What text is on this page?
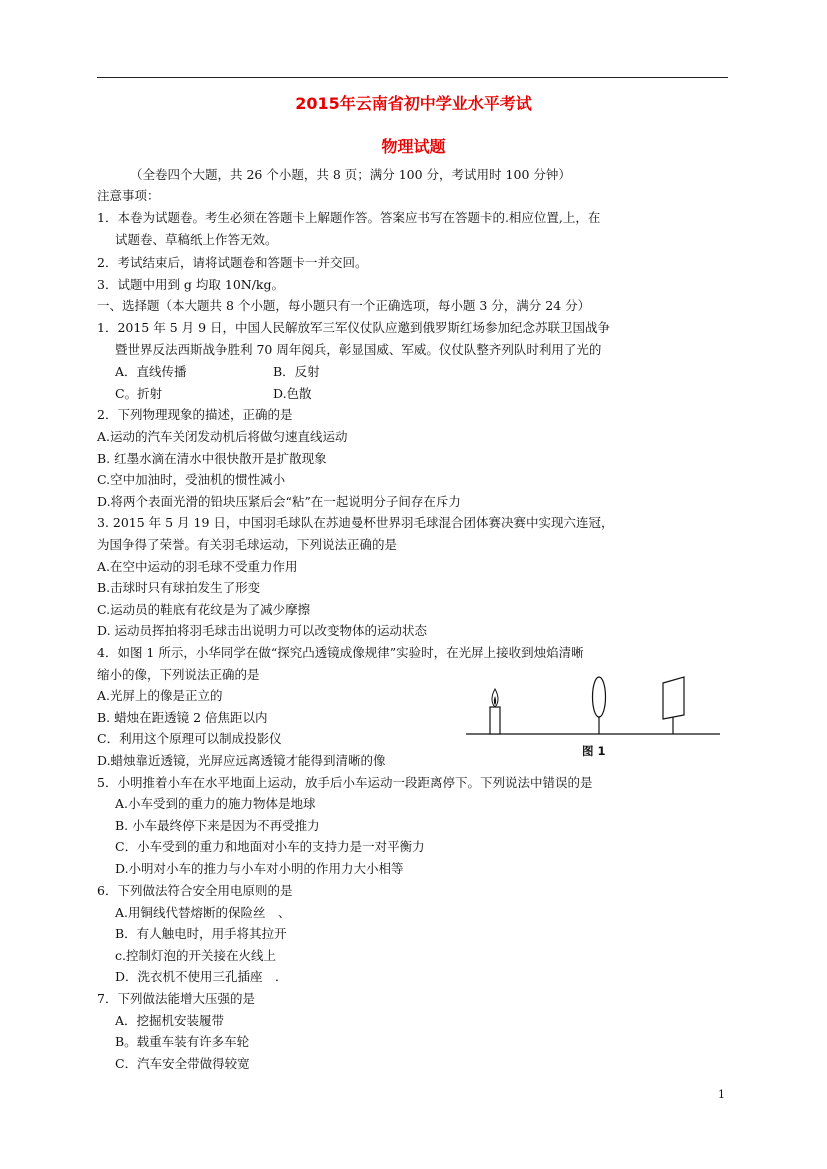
2015年云南省初中学业水平考试
物理试题
（全卷四个大题，共 26 个小题，共 8 页；满分 100 分，考试用时 100 分钟）
注意事项：
1．本卷为试题卷。考生必须在答题卡上解题作答。答案应书写在答题卡的.相应位置,上，在
试题卷、草稿纸上作答无效。
2．考试结束后，请将试题卷和答题卡一并交回。
3．试题中用到 g 均取 10N/kg。
一、选择题（本大题共 8 个小题，每小题只有一个正确选项，每小题 3 分，满分 24 分）
1．2015 年 5 月 9 日，中国人民解放军三军仪仗队应邀到俄罗斯红场参加纪念苏联卫国战争
暨世界反法西斯战争胜利 70 周年阅兵，彰显国威、军威。仪仗队整齐列队时利用了光的
A．直线传播	B．反射
C。折射	D.色散
2．下列物理现象的描述，正确的是
A.运动的汽车关闭发动机后将做匀速直线运动
B. 红墨水滴在清水中很快散开是扩散现象
C.空中加油时，受油机的惯性减小
D.将两个表面光滑的铅块压紧后会“粘”在一起说明分子间存在斥力
3. 2015 年 5 月 19 日，中国羽毛球队在苏迪曼杯世界羽毛球混合团体赛决赛中实现六连冠，
为国争得了荣誉。有关羽毛球运动，下列说法正确的是
A.在空中运动的羽毛球不受重力作用
B.击球时只有球拍发生了形变
C.运动员的鞋底有花纹是为了减少摩擦
D. 运动员挥拍将羽毛球击出说明力可以改变物体的运动状态
4．如图 1 所示，小华同学在做“探究凸透镜成像规律”实验时，在光屏上接收到烛焰清晰
缩小的像，下列说法正确的是
A.光屏上的像是正立的
B. 蜡烛在距透镜 2 倍焦距以内
C．利用这个原理可以制成投影仪
D.蜡烛靠近透镜，光屏应远离透镜才能得到清晰的像
图 1
5．小明推着小车在水平地面上运动，放手后小车运动一段距离停下。下列说法中错误的是
A.小车受到的重力的施力物体是地球
B. 小车最终停下来是因为不再受推力
C．小车受到的重力和地面对小车的支持力是一对平衡力
D.小明对小车的推力与小车对小明的作用力大小相等
6．下列做法符合安全用电原则的是
A.用铜线代替熔断的保险丝　、
B．有人触电时，用手将其拉开
c.控制灯泡的开关接在火线上
D．洗衣机不使用三孔插座　．
7．下列做法能增大压强的是
A．挖掘机安装履带
B。载重车装有许多车轮
C．汽车安全带做得较宽
1
